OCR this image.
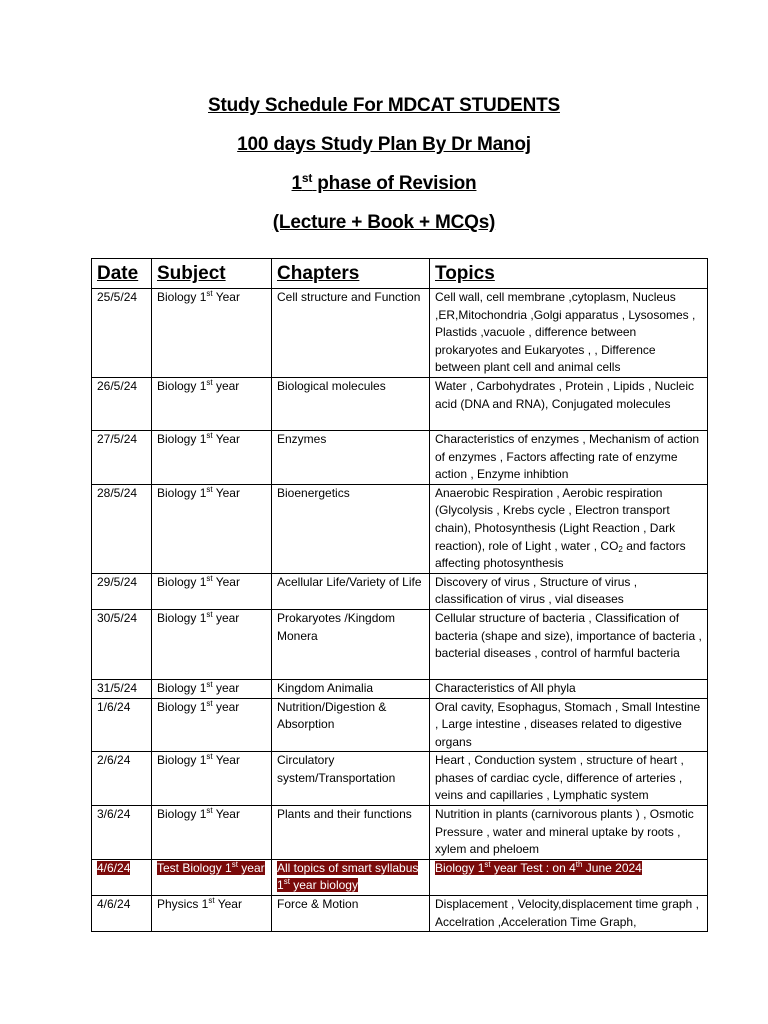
Study Schedule For MDCAT STUDENTS
100 days Study Plan By Dr Manoj
1st phase of Revision
(Lecture + Book + MCQs)
Date	Subject	Chapters	Topics
25/5/24	Biology 1st Year	Cell structure and Function	Cell wall, cell membrane ,cytoplasm, Nucleus ,ER,Mitochondria ,Golgi apparatus , Lysosomes , Plastids ,vacuole , difference between prokaryotes and Eukaryotes , , Difference between plant cell and animal cells
26/5/24	Biology 1st year	Biological molecules	Water , Carbohydrates , Protein , Lipids , Nucleic acid (DNA and RNA), Conjugated molecules
27/5/24	Biology 1st Year	Enzymes	Characteristics of enzymes , Mechanism of action of enzymes , Factors affecting rate of enzyme action , Enzyme inhibtion
28/5/24	Biology 1st Year	Bioenergetics	Anaerobic Respiration , Aerobic respiration (Glycolysis , Krebs cycle , Electron transport chain), Photosynthesis (Light Reaction , Dark reaction), role of Light , water , $CO_2$ and factors affecting photosynthesis
29/5/24	Biology 1st Year	Acellular Life/Variety of Life	Discovery of virus , Structure of virus , classification of virus , vial diseases
30/5/24	Biology 1st year	Prokaryotes /Kingdom Monera	Cellular structure of bacteria , Classification of bacteria (shape and size), importance of bacteria , bacterial diseases , control of harmful bacteria
31/5/24	Biology 1st year	Kingdom Animalia	Characteristics of All phyla
1/6/24	Biology 1st year	Nutrition/Digestion & Absorption	Oral cavity, Esophagus, Stomach , Small Intestine , Large intestine , diseases related to digestive organs
2/6/24	Biology 1st Year	Circulatory system/Transportation	Heart , Conduction system , structure of heart , phases of cardiac cycle, difference of arteries , veins and capillaries , Lymphatic system
3/6/24	Biology 1st Year	Plants and their functions	Nutrition in plants (carnivorous plants ) , Osmotic Pressure , water and mineral uptake by roots , xylem and pheloem
4/6/24	Test Biology 1st year	All topics of smart syllabus 1st year biology	Biology 1st year Test : on 4th June 2024
4/6/24	Physics 1st Year	Force & Motion	Displacement , Velocity,displacement time graph , Accelration ,Acceleration Time Graph,
